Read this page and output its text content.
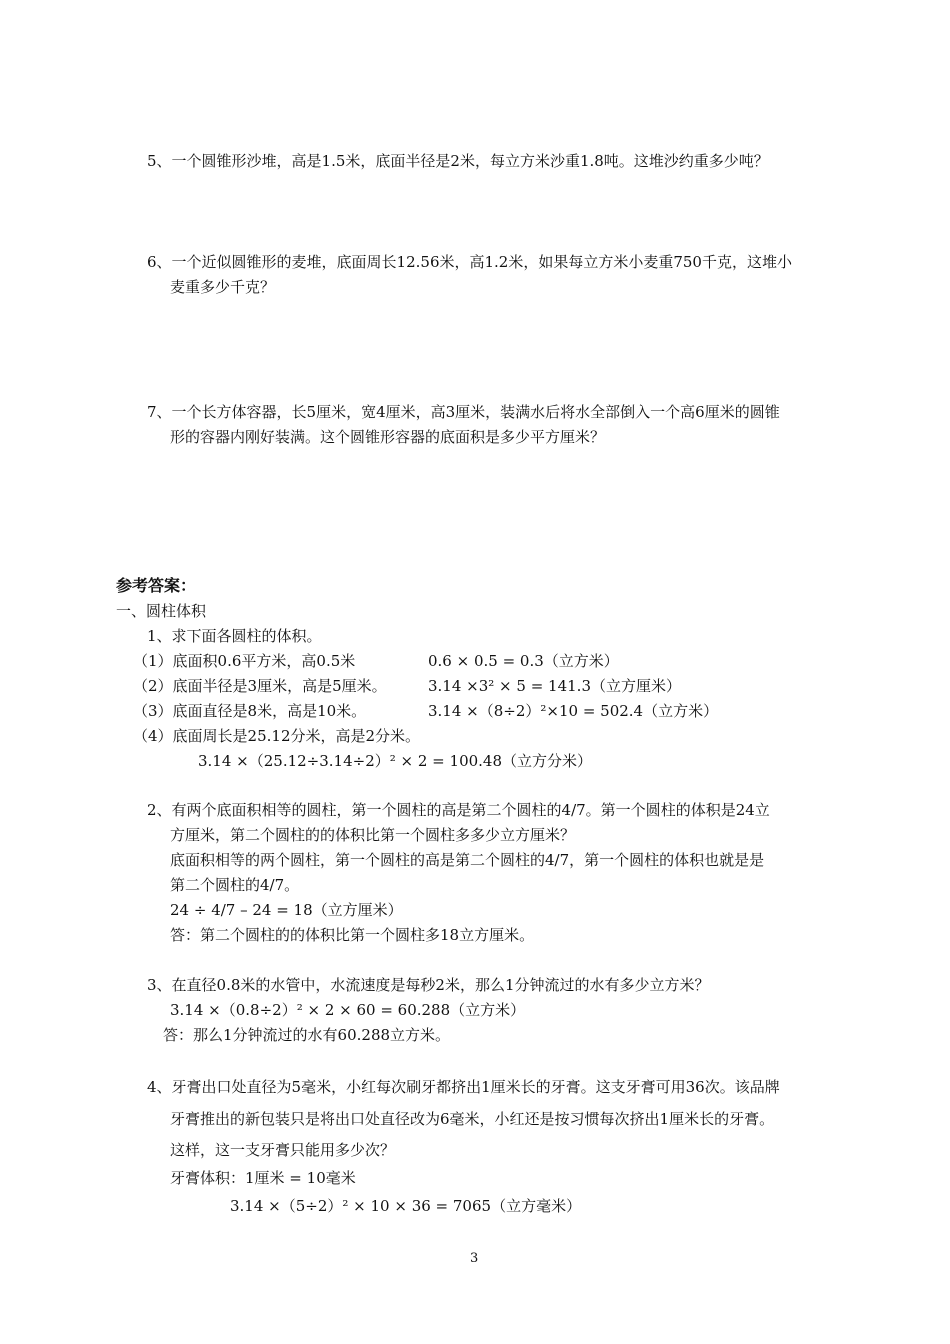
5、一个圆锥形沙堆，高是1.5米，底面半径是2米，每立方米沙重1.8吨。这堆沙约重多少吨？
6、一个近似圆锥形的麦堆，底面周长12.56米，高1.2米，如果每立方米小麦重750千克，这堆小
麦重多少千克？
7、一个长方体容器，长5厘米，宽4厘米，高3厘米，装满水后将水全部倒入一个高6厘米的圆锥
形的容器内刚好装满。这个圆锥形容器的底面积是多少平方厘米？
参考答案：
一、圆柱体积
1、求下面各圆柱的体积。
（1）底面积0.6平方米，高0.5米	0.6 × 0.5 = 0.3（立方米）
（2）底面半径是3厘米，高是5厘米。	3.14 ×3² × 5 = 141.3（立方厘米）
（3）底面直径是8米，高是10米。	3.14 ×（8÷2）²×10 = 502.4（立方米）
（4）底面周长是25.12分米，高是2分米。
3.14 ×（25.12÷3.14÷2）² × 2 = 100.48（立方分米）
2、有两个底面积相等的圆柱，第一个圆柱的高是第二个圆柱的4/7。第一个圆柱的体积是24立
方厘米，第二个圆柱的的体积比第一个圆柱多多少立方厘米？
底面积相等的两个圆柱，第一个圆柱的高是第二个圆柱的4/7，第一个圆柱的体积也就是是
第二个圆柱的4/7。
24 ÷ 4/7 – 24 = 18（立方厘米）
答：第二个圆柱的的体积比第一个圆柱多18立方厘米。
3、在直径0.8米的水管中，水流速度是每秒2米，那么1分钟流过的水有多少立方米？
3.14 ×（0.8÷2）² × 2 × 60 = 60.288（立方米）
答：那么1分钟流过的水有60.288立方米。
4、牙膏出口处直径为5毫米，小红每次刷牙都挤出1厘米长的牙膏。这支牙膏可用36次。该品牌
牙膏推出的新包装只是将出口处直径改为6毫米，小红还是按习惯每次挤出1厘米长的牙膏。
这样，这一支牙膏只能用多少次？
牙膏体积：1厘米 = 10毫米
3.14 ×（5÷2）² × 10 × 36 = 7065（立方毫米）
3
